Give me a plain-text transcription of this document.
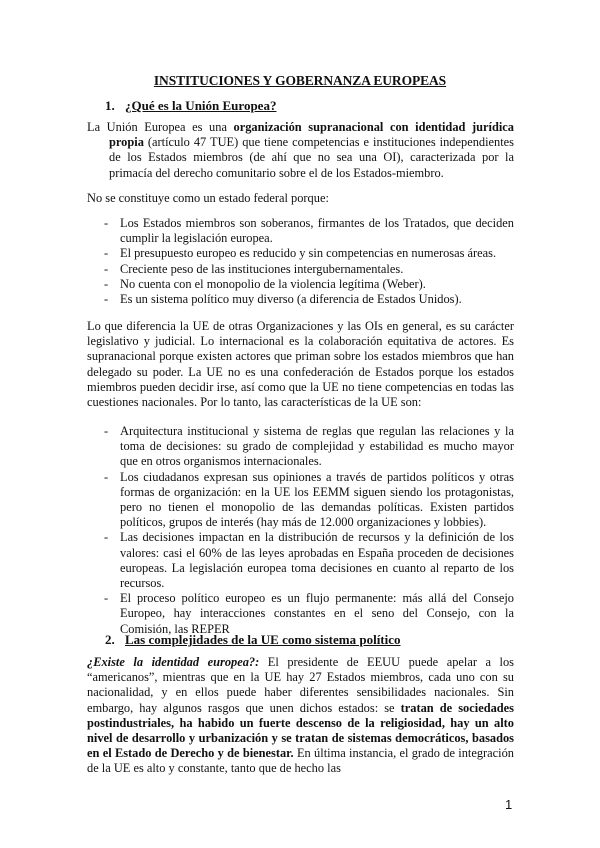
INSTITUCIONES Y GOBERNANZA EUROPEAS
1. ¿Qué es la Unión Europea?

La Unión Europea es una organización supranacional con identidad jurídica propia (artículo 47 TUE) que tiene competencias e instituciones independientes de los Estados miembros (de ahí que no sea una OI), caracterizada por la primacía del derecho comunitario sobre el de los Estados-miembro.

No se constituye como un estado federal porque:

- Los Estados miembros son soberanos, firmantes de los Tratados, que deciden cumplir la legislación europea.
- El presupuesto europeo es reducido y sin competencias en numerosas áreas.
- Creciente peso de las instituciones intergubernamentales.
- No cuenta con el monopolio de la violencia legítima (Weber).
- Es un sistema político muy diverso (a diferencia de Estados Unidos).

Lo que diferencia la UE de otras Organizaciones y las OIs en general, es su carácter legislativo y judicial. Lo internacional es la colaboración equitativa de actores. Es supranacional porque existen actores que priman sobre los estados miembros que han delegado su poder. La UE no es una confederación de Estados porque los estados miembros pueden decidir irse, así como que la UE no tiene competencias en todas las cuestiones nacionales. Por lo tanto, las características de la UE son:

- Arquitectura institucional y sistema de reglas que regulan las relaciones y la toma de decisiones: su grado de complejidad y estabilidad es mucho mayor que en otros organismos internacionales.
- Los ciudadanos expresan sus opiniones a través de partidos políticos y otras formas de organización: en la UE los EEMM siguen siendo los protagonistas, pero no tienen el monopolio de las demandas políticas. Existen partidos políticos, grupos de interés (hay más de 12.000 organizaciones y lobbies).
- Las decisiones impactan en la distribución de recursos y la definición de los valores: casi el 60% de las leyes aprobadas en España proceden de decisiones europeas. La legislación europea toma decisiones en cuanto al reparto de los recursos.
- El proceso político europeo es un flujo permanente: más allá del Consejo Europeo, hay interacciones constantes en el seno del Consejo, con la Comisión, las REPER
2. Las complejidades de la UE como sistema político

¿Existe la identidad europea?: El presidente de EEUU puede apelar a los “americanos”, mientras que en la UE hay 27 Estados miembros, cada uno con su nacionalidad, y en ellos puede haber diferentes sensibilidades nacionales. Sin embargo, hay algunos rasgos que unen dichos estados: se tratan de sociedades postindustriales, ha habido un fuerte descenso de la religiosidad, hay un alto nivel de desarrollo y urbanización y se tratan de sistemas democráticos, basados en el Estado de Derecho y de bienestar. En última instancia, el grado de integración de la UE es alto y constante, tanto que de hecho las

1
